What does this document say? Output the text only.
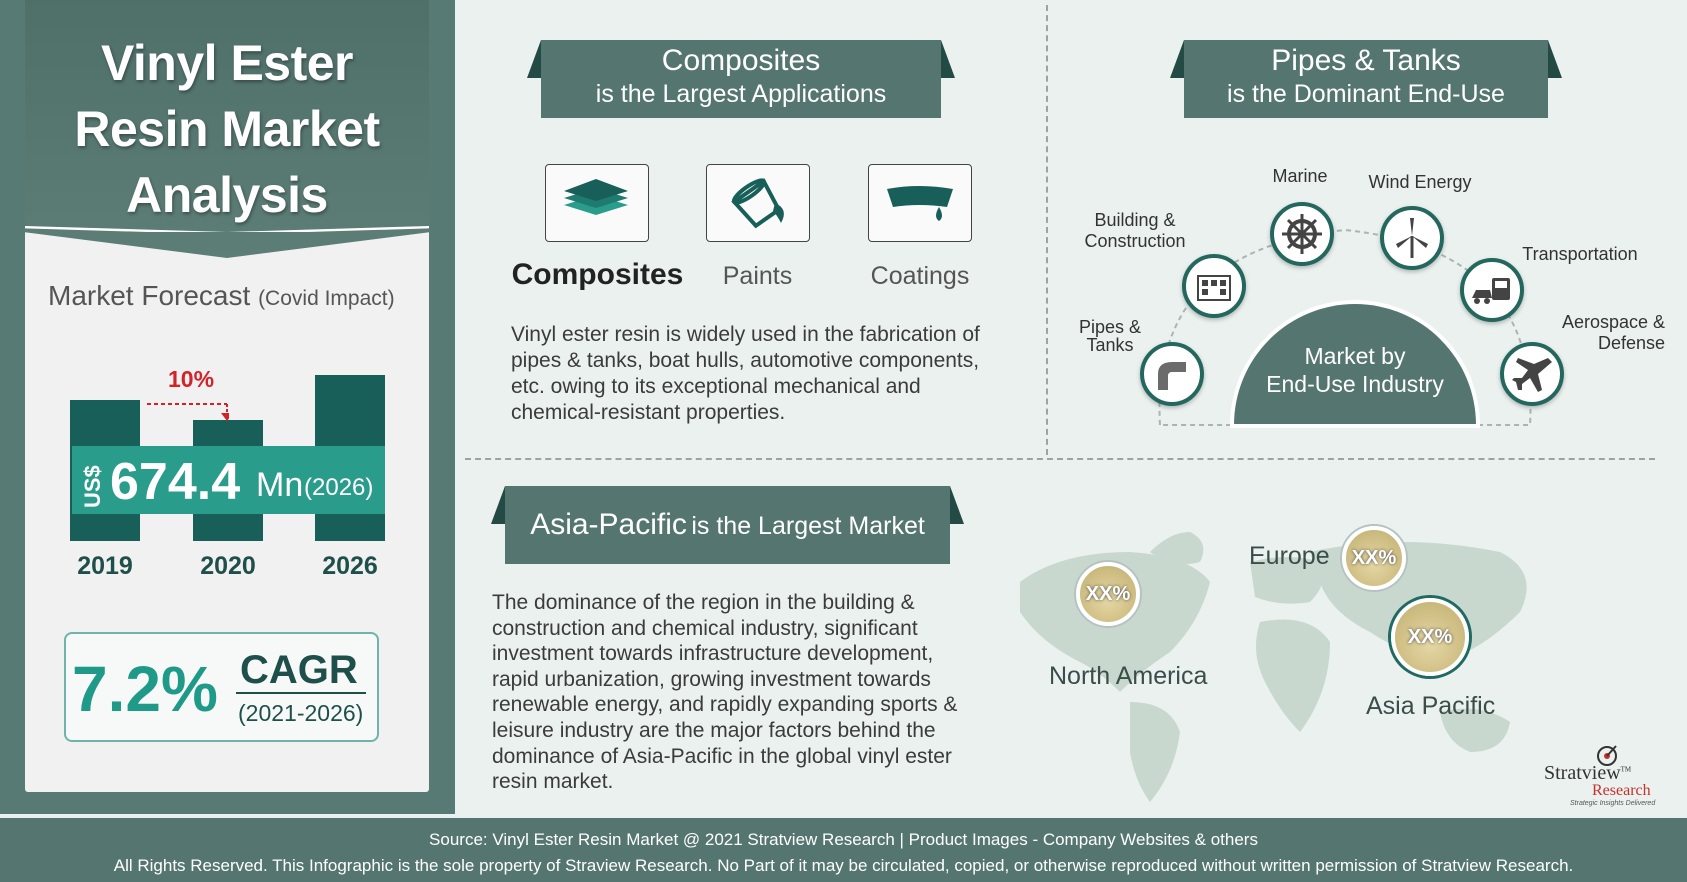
Vinyl Ester
Resin Market
Analysis
Market Forecast (Covid Impact)
10%
US$ 674.4 Mn (2026)
2019	2020	2026
7.2% CAGR
(2021-2026)
Composites
is the Largest Applications
Composites	Paints	Coatings
Vinyl ester resin is widely used in the fabrication of pipes & tanks, boat hulls, automotive components, etc. owing to its exceptional mechanical and chemical-resistant properties.
Pipes & Tanks
is the Dominant End-Use
Market by
End-Use Industry
Pipes &
Tanks
Building &
Construction
Marine	Wind Energy
Transportation
Aerospace &
Defense
Asia-Pacific is the Largest Market
The dominance of the region in the building & construction and chemical industry, significant investment towards infrastructure development, rapid urbanization, growing investment towards renewable energy, and rapidly expanding sports & leisure industry are the major factors behind the dominance of Asia-Pacific in the global vinyl ester resin market.
XX%
XX%
XX%
North America
Europe
Asia Pacific
Stratview™
Research
Strategic Insights Delivered
Source: Vinyl Ester Resin Market @ 2021 Stratview Research | Product Images - Company Websites & others
All Rights Reserved. This Infographic is the sole property of Straview Research. No Part of it may be circulated, copied, or otherwise reproduced without written permission of Stratview Research.
